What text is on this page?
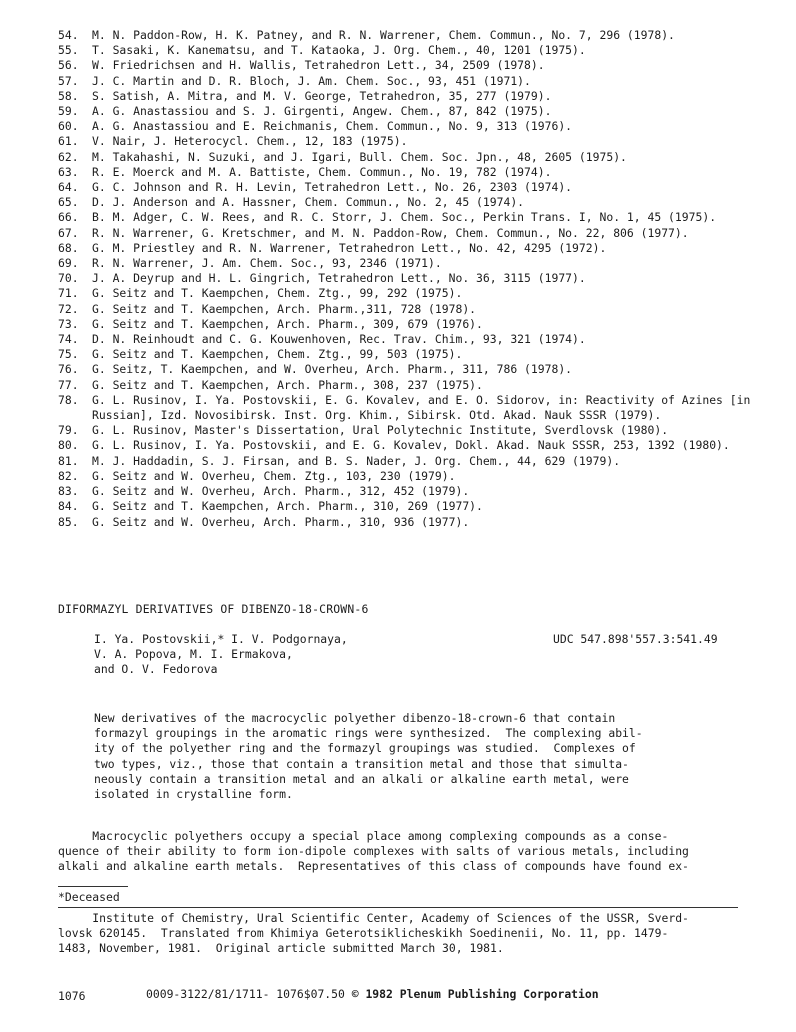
54.	M. N. Paddon-Row, H. K. Patney, and R. N. Warrener, Chem. Commun., No. 7, 296 (1978).
55.	T. Sasaki, K. Kanematsu, and T. Kataoka, J. Org. Chem., 40, 1201 (1975).
56.	W. Friedrichsen and H. Wallis, Tetrahedron Lett., 34, 2509 (1978).
57.	J. C. Martin and D. R. Bloch, J. Am. Chem. Soc., 93, 451 (1971).
58.	S. Satish, A. Mitra, and M. V. George, Tetrahedron, 35, 277 (1979).
59.	A. G. Anastassiou and S. J. Girgenti, Angew. Chem., 87, 842 (1975).
60.	A. G. Anastassiou and E. Reichmanis, Chem. Commun., No. 9, 313 (1976).
61.	V. Nair, J. Heterocycl. Chem., 12, 183 (1975).
62.	M. Takahashi, N. Suzuki, and J. Igari, Bull. Chem. Soc. Jpn., 48, 2605 (1975).
63.	R. E. Moerck and M. A. Battiste, Chem. Commun., No. 19, 782 (1974).
64.	G. C. Johnson and R. H. Levin, Tetrahedron Lett., No. 26, 2303 (1974).
65.	D. J. Anderson and A. Hassner, Chem. Commun., No. 2, 45 (1974).
66.	B. M. Adger, C. W. Rees, and R. C. Storr, J. Chem. Soc., Perkin Trans. I, No. 1, 45 (1975).
67.	R. N. Warrener, G. Kretschmer, and M. N. Paddon-Row, Chem. Commun., No. 22, 806 (1977).
68.	G. M. Priestley and R. N. Warrener, Tetrahedron Lett., No. 42, 4295 (1972).
69.	R. N. Warrener, J. Am. Chem. Soc., 93, 2346 (1971).
70.	J. A. Deyrup and H. L. Gingrich, Tetrahedron Lett., No. 36, 3115 (1977).
71.	G. Seitz and T. Kaempchen, Chem. Ztg., 99, 292 (1975).
72.	G. Seitz and T. Kaempchen, Arch. Pharm.,311, 728 (1978).
73.	G. Seitz and T. Kaempchen, Arch. Pharm., 309, 679 (1976).
74.	D. N. Reinhoudt and C. G. Kouwenhoven, Rec. Trav. Chim., 93, 321 (1974).
75.	G. Seitz and T. Kaempchen, Chem. Ztg., 99, 503 (1975).
76.	G. Seitz, T. Kaempchen, and W. Overheu, Arch. Pharm., 311, 786 (1978).
77.	G. Seitz and T. Kaempchen, Arch. Pharm., 308, 237 (1975).
78.	G. L. Rusinov, I. Ya. Postovskii, E. G. Kovalev, and E. O. Sidorov, in: Reactivity of Azines [in Russian], Izd. Novosibirsk. Inst. Org. Khim., Sibirsk. Otd. Akad. Nauk SSSR (1979).
79.	G. L. Rusinov, Master's Dissertation, Ural Polytechnic Institute, Sverdlovsk (1980).
80.	G. L. Rusinov, I. Ya. Postovskii, and E. G. Kovalev, Dokl. Akad. Nauk SSSR, 253, 1392 (1980).
81.	M. J. Haddadin, S. J. Firsan, and B. S. Nader, J. Org. Chem., 44, 629 (1979).
82.	G. Seitz and W. Overheu, Chem. Ztg., 103, 230 (1979).
83.	G. Seitz and W. Overheu, Arch. Pharm., 312, 452 (1979).
84.	G. Seitz and T. Kaempchen, Arch. Pharm., 310, 269 (1977).
85.	G. Seitz and W. Overheu, Arch. Pharm., 310, 936 (1977).
DIFORMAZYL DERIVATIVES OF DIBENZO-18-CROWN-6
I. Ya. Postovskii,* I. V. Podgornaya,
V. A. Popova, M. I. Ermakova,
and O. V. Fedorova
UDC 547.898'557.3:541.49
New derivatives of the macrocyclic polyether dibenzo-18-crown-6 that contain
formazyl groupings in the aromatic rings were synthesized.  The complexing abil-
ity of the polyether ring and the formazyl groupings was studied.  Complexes of
two types, viz., those that contain a transition metal and those that simulta-
neously contain a transition metal and an alkali or alkaline earth metal, were
isolated in crystalline form.
Macrocyclic polyethers occupy a special place among complexing compounds as a conse-
quence of their ability to form ion-dipole complexes with salts of various metals, including
alkali and alkaline earth metals.  Representatives of this class of compounds have found ex-
*Deceased
Institute of Chemistry, Ural Scientific Center, Academy of Sciences of the USSR, Sverd-
lovsk 620145.  Translated from Khimiya Geterotsiklicheskikh Soedinenii, No. 11, pp. 1479-
1483, November, 1981.  Original article submitted March 30, 1981.
1076	0009-3122/81/1711- 1076$07.50 © 1982 Plenum Publishing Corporation
